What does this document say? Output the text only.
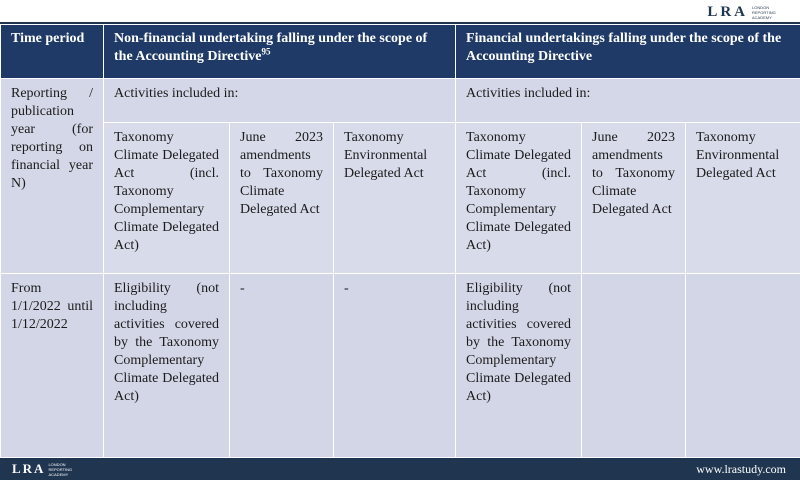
LRA LONDON REPORTING ACADEMY
Time period	Non-financial undertaking falling under the scope of the Accounting Directive$^{95}$			Financial undertakings falling under the scope of the Accounting Directive		
Reporting / publication year (for reporting on financial year N)	Activities included in:			Activities included in:		
	Taxonomy Climate Delegated Act (incl. Taxonomy Complementary Climate Delegated Act)	June 2023 amendments to Taxonomy Climate Delegated Act	Taxonomy Environmental Delegated Act	Taxonomy Climate Delegated Act (incl. Taxonomy Complementary Climate Delegated Act)	June 2023 amendments to Taxonomy Climate Delegated Act	Taxonomy Environmental Delegated Act
From 1/1/2022 until 1/12/2022	Eligibility (not including activities covered by the Taxonomy Complementary Climate Delegated Act)	-	-	Eligibility (not including activities covered by the Taxonomy Complementary Climate Delegated Act)		
LRA LONDON REPORTING ACADEMY	www.lrastudy.com
